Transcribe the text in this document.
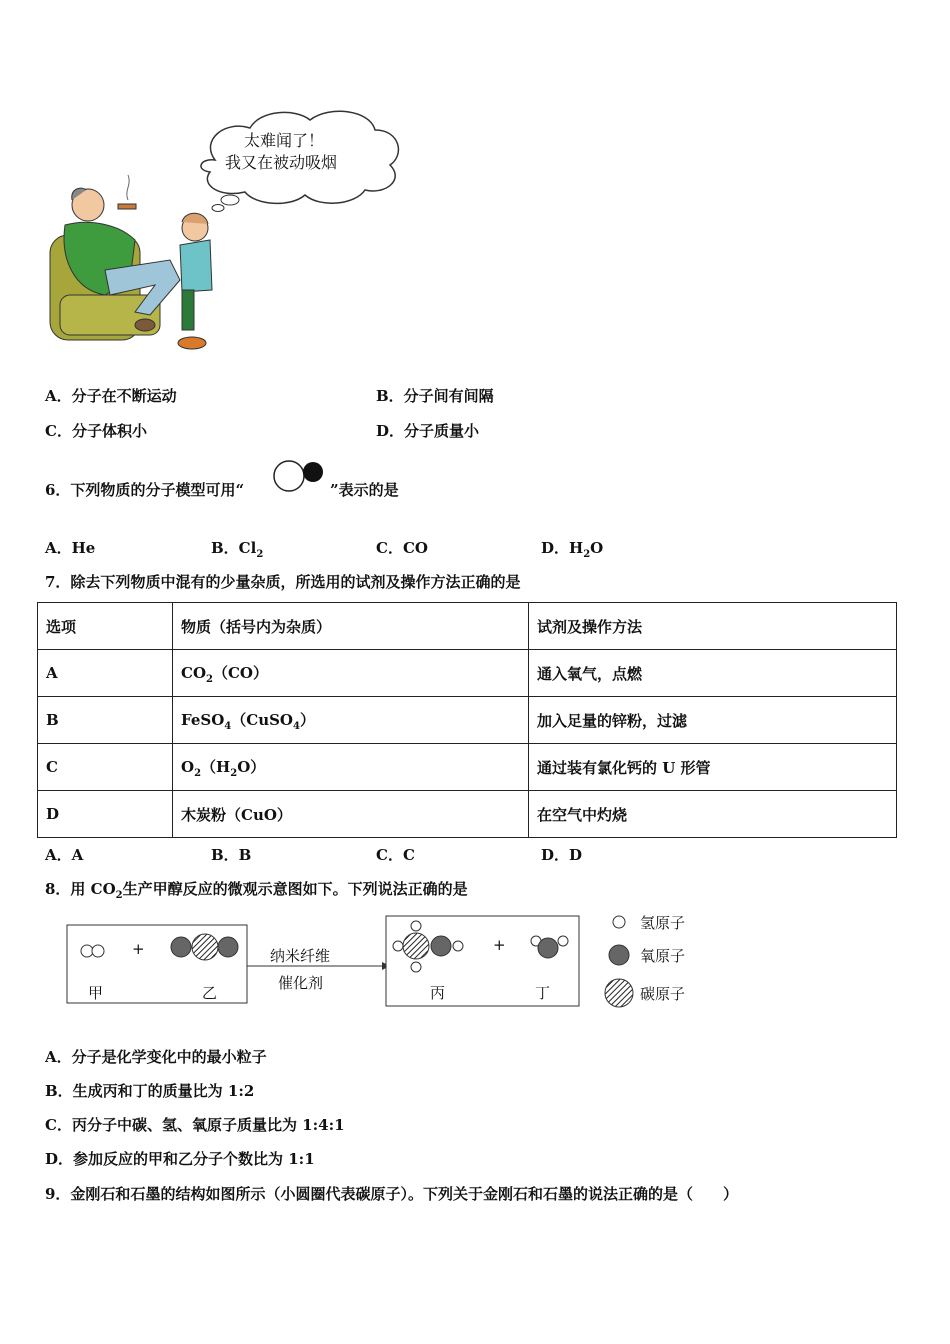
太难闻了！
我又在被动吸烟
A．分子在不断运动	B．分子间有间隔
C．分子体积小	D．分子质量小
6．下列物质的分子模型可用“	”表示的是
A．He	B．$Cl_2$	C．CO	D．$H_2O$
7．除去下列物质中混有的少量杂质，所选用的试剂及操作方法正确的是
选项	物质（括号内为杂质）	试剂及操作方法
A	$CO_2(CO)$	通入氧气，点燃
B	FeSO$_4$（CuSO$_4$）	加入足量的锌粉，过滤
C	$O_2(H_2O)$	通过装有氯化钙的 U 形管
D	木炭粉（CuO）	在空气中灼烧
A．A	B．B	C．C	D．D
8．用 $CO_2$生产甲醇反应的微观示意图如下。下列说法正确的是
+	+
甲	乙	丙	丁
纳米纤维
催化剂
氢原子
氧原子
碳原子
A．分子是化学变化中的最小粒子
B．生成丙和丁的质量比为 1:2
C．丙分子中碳、氢、氧原子质量比为 1:4:1
D．参加反应的甲和乙分子个数比为 1:1
9．金刚石和石墨的结构如图所示（小圆圈代表碳原子）。下列关于金刚石和石墨的说法正确的是（　　）
